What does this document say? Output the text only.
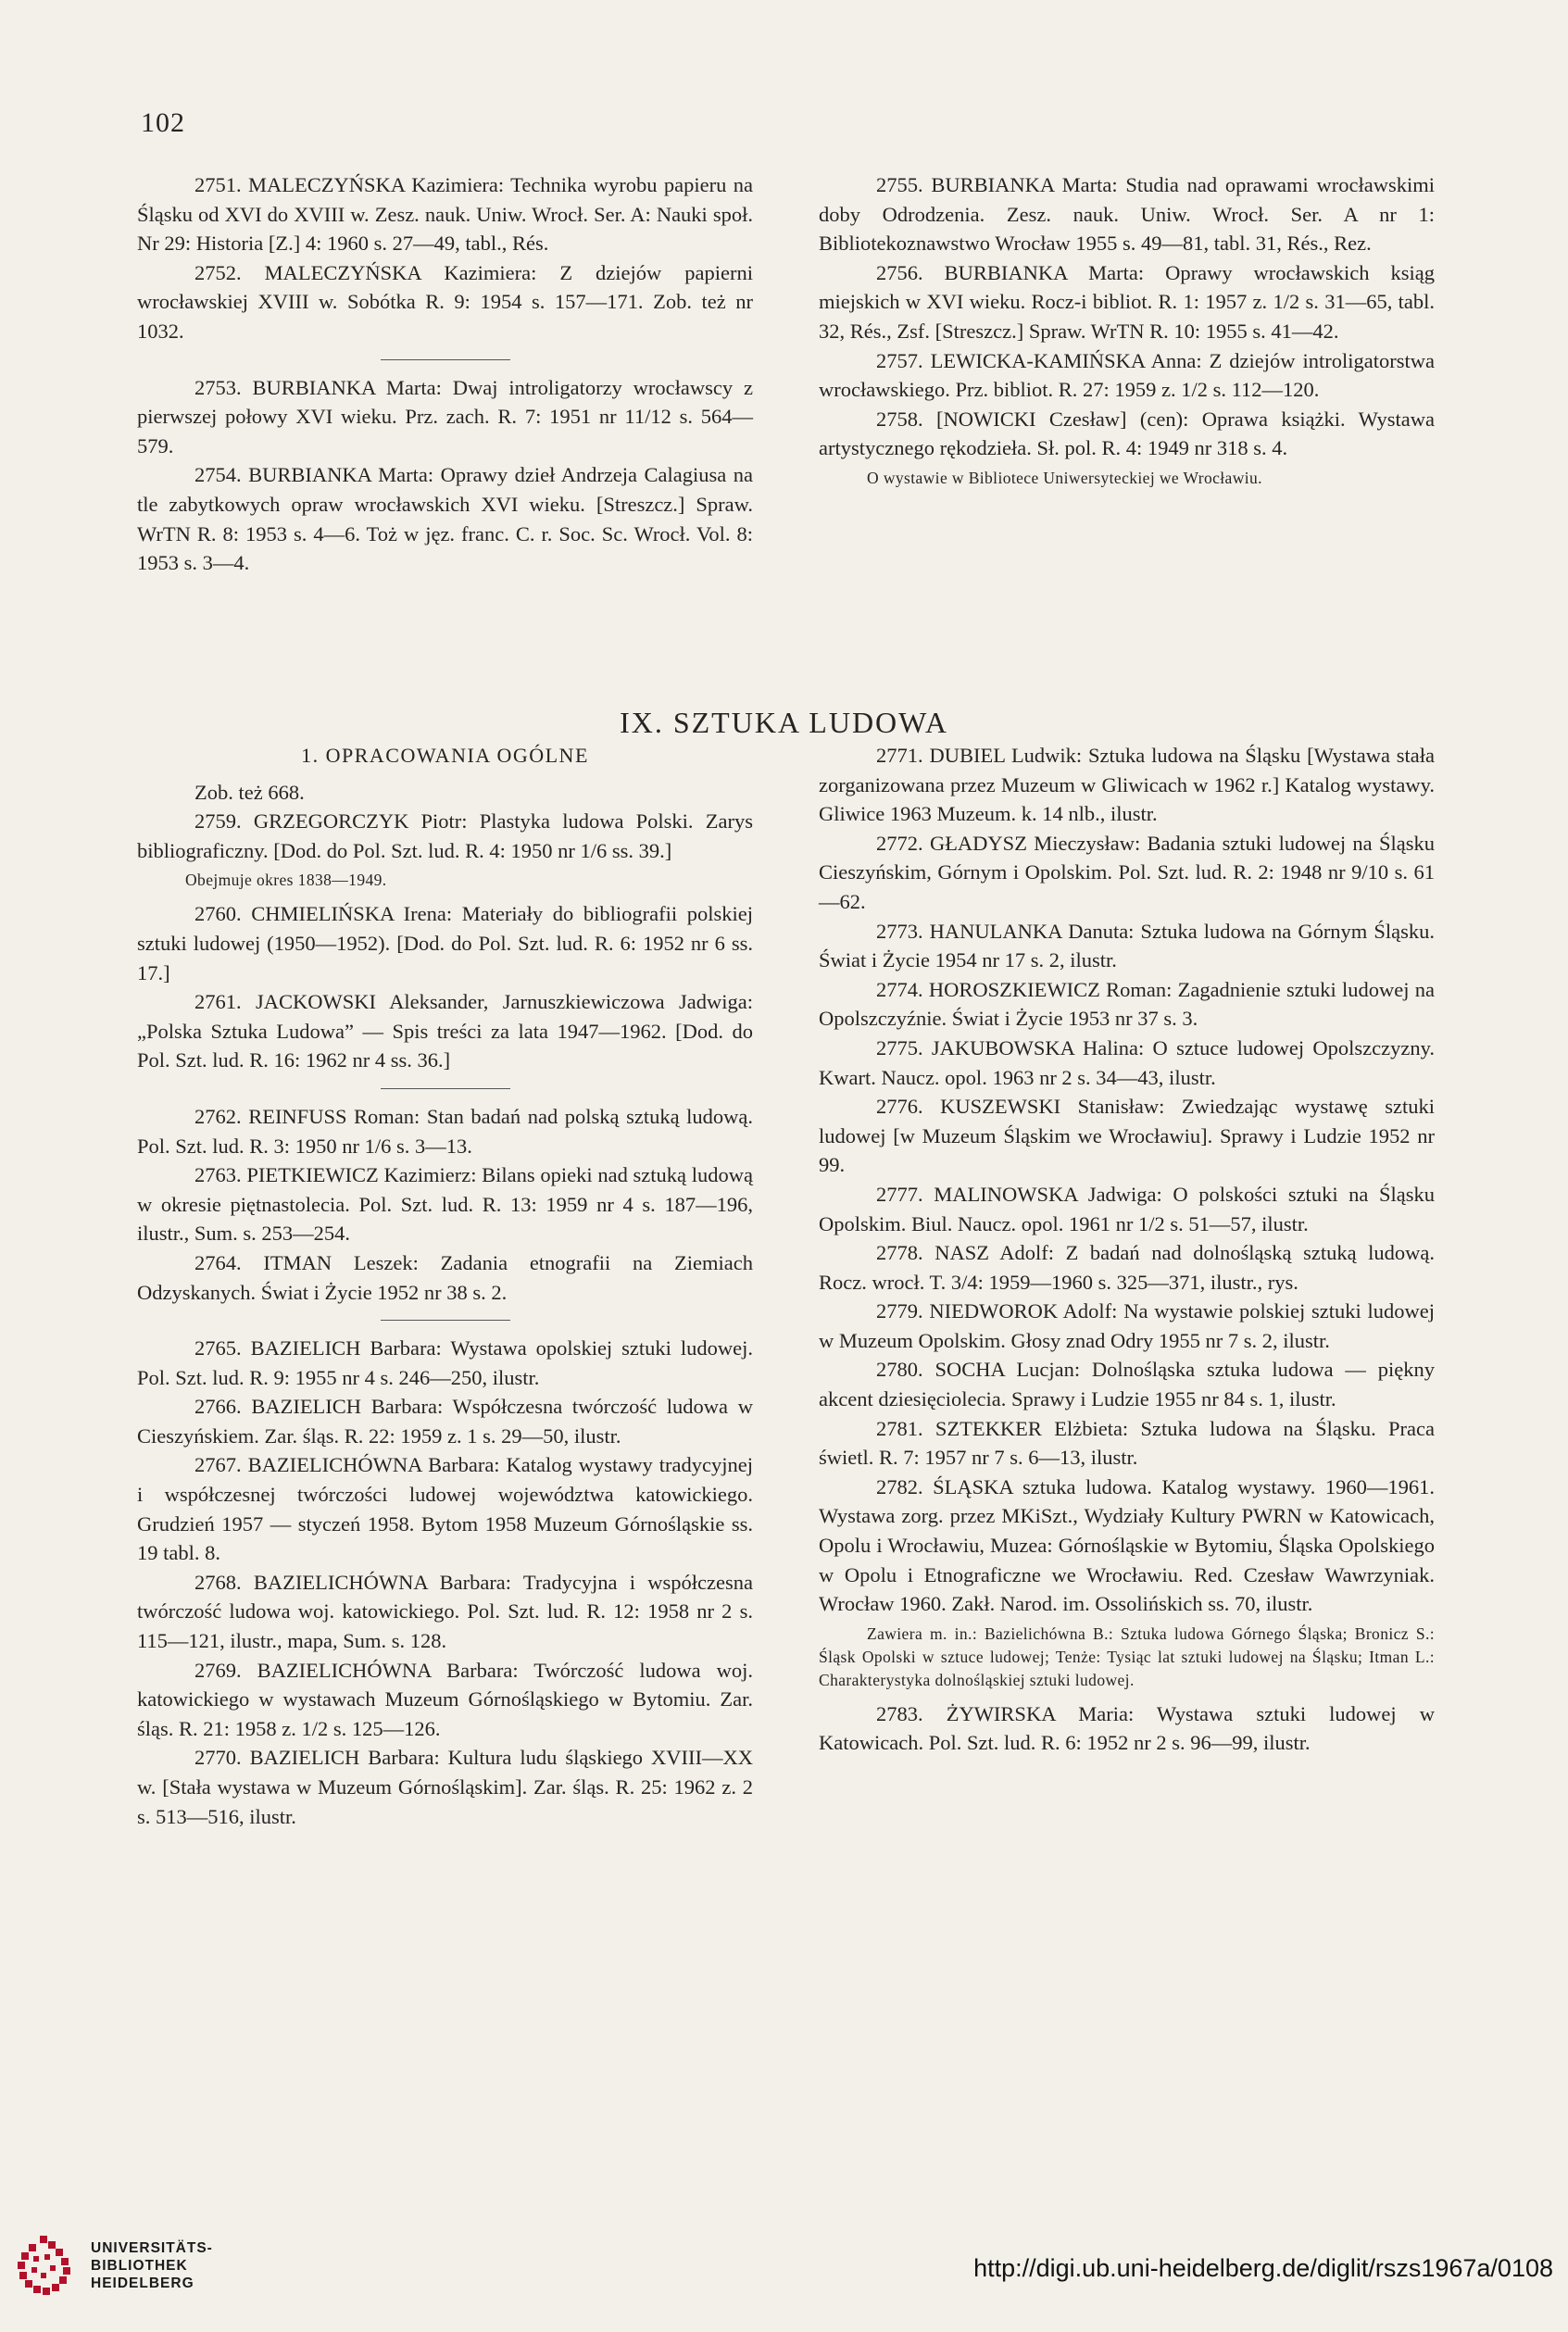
102

2751. MALECZYŃSKA Kazimiera: Technika wyrobu papieru na Śląsku od XVI do XVIII w. Zesz. nauk. Uniw. Wrocł. Ser. A: Nauki społ. Nr 29: Historia [Z.] 4: 1960 s. 27—49, tabl., Rés.

2752. MALECZYŃSKA Kazimiera: Z dziejów papierni wrocławskiej XVIII w. Sobótka R. 9: 1954 s. 157—171. Zob. też nr 1032.

2753. BURBIANKA Marta: Dwaj introligatorzy wrocławscy z pierwszej połowy XVI wieku. Prz. zach. R. 7: 1951 nr 11/12 s. 564—579.

2754. BURBIANKA Marta: Oprawy dzieł Andrzeja Calagiusa na tle zabytkowych opraw wrocławskich XVI wieku. [Streszcz.] Spraw. WrTN R. 8: 1953 s. 4—6. Toż w jęz. franc. C. r. Soc. Sc. Wrocł. Vol. 8: 1953 s. 3—4.

2755. BURBIANKA Marta: Studia nad oprawami wrocławskimi doby Odrodzenia. Zesz. nauk. Uniw. Wrocł. Ser. A nr 1: Bibliotekoznawstwo Wrocław 1955 s. 49—81, tabl. 31, Rés., Rez.

2756. BURBIANKA Marta: Oprawy wrocławskich ksiąg miejskich w XVI wieku. Rocz-i bibliot. R. 1: 1957 z. 1/2 s. 31—65, tabl. 32, Rés., Zsf. [Streszcz.] Spraw. WrTN R. 10: 1955 s. 41—42.

2757. LEWICKA-KAMIŃSKA Anna: Z dziejów introligatorstwa wrocławskiego. Prz. bibliot. R. 27: 1959 z. 1/2 s. 112—120.

2758. [NOWICKI Czesław] (cen): Oprawa książki. Wystawa artystycznego rękodzieła. Sł. pol. R. 4: 1949 nr 318 s. 4.

O wystawie w Bibliotece Uniwersyteckiej we Wrocławiu.

IX. SZTUKA LUDOWA
1. OPRACOWANIA OGÓLNE

Zob. też 668.

2759. GRZEGORCZYK Piotr: Plastyka ludowa Polski. Zarys bibliograficzny. [Dod. do Pol. Szt. lud. R. 4: 1950 nr 1/6 ss. 39.]

Obejmuje okres 1838—1949.

2760. CHMIELIŃSKA Irena: Materiały do bibliografii polskiej sztuki ludowej (1950—1952). [Dod. do Pol. Szt. lud. R. 6: 1952 nr 6 ss. 17.]

2761. JACKOWSKI Aleksander, Jarnuszkiewiczowa Jadwiga: „Polska Sztuka Ludowa” — Spis treści za lata 1947—1962. [Dod. do Pol. Szt. lud. R. 16: 1962 nr 4 ss. 36.]

2762. REINFUSS Roman: Stan badań nad polską sztuką ludową. Pol. Szt. lud. R. 3: 1950 nr 1/6 s. 3—13.

2763. PIETKIEWICZ Kazimierz: Bilans opieki nad sztuką ludową w okresie piętnastolecia. Pol. Szt. lud. R. 13: 1959 nr 4 s. 187—196, ilustr., Sum. s. 253—254.

2764. ITMAN Leszek: Zadania etnografii na Ziemiach Odzyskanych. Świat i Życie 1952 nr 38 s. 2.

2765. BAZIELICH Barbara: Wystawa opolskiej sztuki ludowej. Pol. Szt. lud. R. 9: 1955 nr 4 s. 246—250, ilustr.

2766. BAZIELICH Barbara: Współczesna twórczość ludowa w Cieszyńskiem. Zar. śląs. R. 22: 1959 z. 1 s. 29—50, ilustr.

2767. BAZIELICHÓWNA Barbara: Katalog wystawy tradycyjnej i współczesnej twórczości ludowej województwa katowickiego. Grudzień 1957 — styczeń 1958. Bytom 1958 Muzeum Górnośląskie ss. 19 tabl. 8.

2768. BAZIELICHÓWNA Barbara: Tradycyjna i współczesna twórczość ludowa woj. katowickiego. Pol. Szt. lud. R. 12: 1958 nr 2 s. 115—121, ilustr., mapa, Sum. s. 128.

2769. BAZIELICHÓWNA Barbara: Twórczość ludowa woj. katowickiego w wystawach Muzeum Górnośląskiego w Bytomiu. Zar. śląs. R. 21: 1958 z. 1/2 s. 125—126.

2770. BAZIELICH Barbara: Kultura ludu śląskiego XVIII—XX w. [Stała wystawa w Muzeum Górnośląskim]. Zar. śląs. R. 25: 1962 z. 2 s. 513—516, ilustr.

2771. DUBIEL Ludwik: Sztuka ludowa na Śląsku [Wystawa stała zorganizowana przez Muzeum w Gliwicach w 1962 r.] Katalog wystawy. Gliwice 1963 Muzeum. k. 14 nlb., ilustr.

2772. GŁADYSZ Mieczysław: Badania sztuki ludowej na Śląsku Cieszyńskim, Górnym i Opolskim. Pol. Szt. lud. R. 2: 1948 nr 9/10 s. 61—62.

2773. HANULANKA Danuta: Sztuka ludowa na Górnym Śląsku. Świat i Życie 1954 nr 17 s. 2, ilustr.

2774. HOROSZKIEWICZ Roman: Zagadnienie sztuki ludowej na Opolszczyźnie. Świat i Życie 1953 nr 37 s. 3.

2775. JAKUBOWSKA Halina: O sztuce ludowej Opolszczyzny. Kwart. Naucz. opol. 1963 nr 2 s. 34—43, ilustr.

2776. KUSZEWSKI Stanisław: Zwiedzając wystawę sztuki ludowej [w Muzeum Śląskim we Wrocławiu]. Sprawy i Ludzie 1952 nr 99.

2777. MALINOWSKA Jadwiga: O polskości sztuki na Śląsku Opolskim. Biul. Naucz. opol. 1961 nr 1/2 s. 51—57, ilustr.

2778. NASZ Adolf: Z badań nad dolnośląską sztuką ludową. Rocz. wrocł. T. 3/4: 1959—1960 s. 325—371, ilustr., rys.

2779. NIEDWOROK Adolf: Na wystawie polskiej sztuki ludowej w Muzeum Opolskim. Głosy znad Odry 1955 nr 7 s. 2, ilustr.

2780. SOCHA Lucjan: Dolnośląska sztuka ludowa — piękny akcent dziesięciolecia. Sprawy i Ludzie 1955 nr 84 s. 1, ilustr.

2781. SZTEKKER Elżbieta: Sztuka ludowa na Śląsku. Praca świetl. R. 7: 1957 nr 7 s. 6—13, ilustr.

2782. ŚLĄSKA sztuka ludowa. Katalog wystawy. 1960—1961. Wystawa zorg. przez MKiSzt., Wydziały Kultury PWRN w Katowicach, Opolu i Wrocławiu, Muzea: Górnośląskie w Bytomiu, Śląska Opolskiego w Opolu i Etnograficzne we Wrocławiu. Red. Czesław Wawrzyniak. Wrocław 1960. Zakł. Narod. im. Ossolińskich ss. 70, ilustr.

Zawiera m. in.: Bazielichówna B.: Sztuka ludowa Górnego Śląska; Bronicz S.: Śląsk Opolski w sztuce ludowej; Tenże: Tysiąc lat sztuki ludowej na Śląsku; Itman L.: Charakterystyka dolnośląskiej sztuki ludowej.

2783. ŻYWIRSKA Maria: Wystawa sztuki ludowej w Katowicach. Pol. Szt. lud. R. 6: 1952 nr 2 s. 96—99, ilustr.

UNIVERSITÄTS-
BIBLIOTHEK
HEIDELBERG
http://digi.ub.uni-heidelberg.de/diglit/rszs1967a/0108
